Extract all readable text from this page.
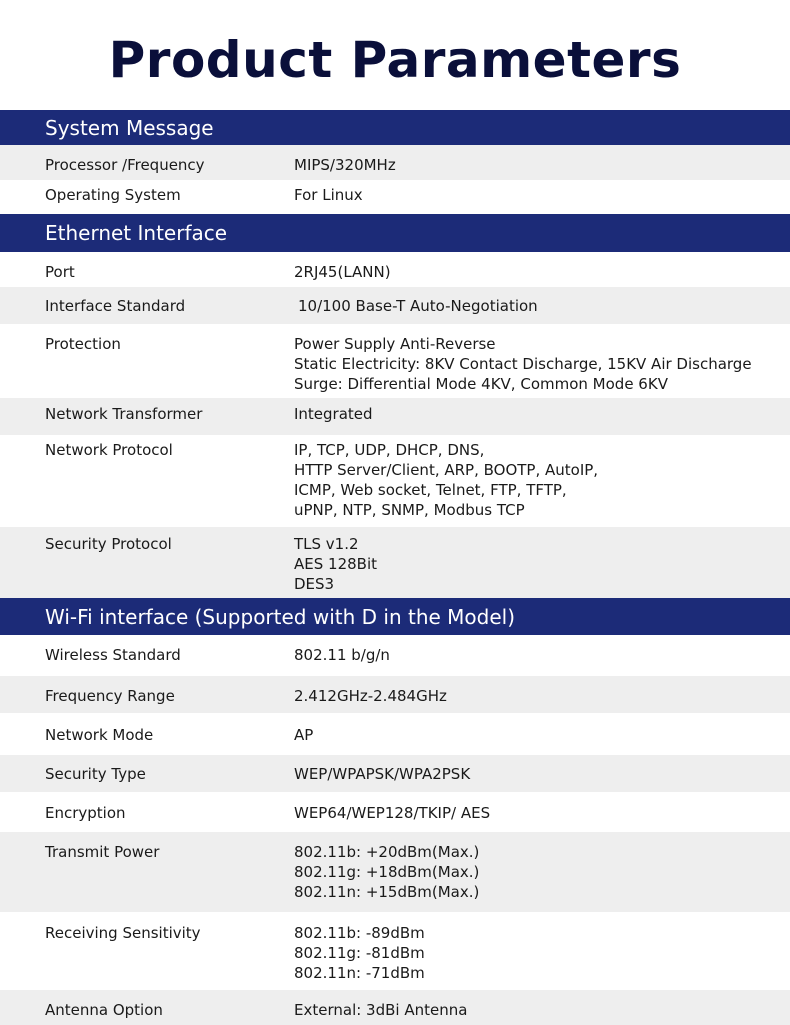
Product Parameters
System Message
Processor /Frequency	MIPS/320MHz
Operating System	For Linux
Ethernet Interface
Port	2RJ45(LANN)
Interface Standard	10/100 Base-T Auto-Negotiation
Protection	Power Supply Anti-Reverse
Static Electricity: 8KV Contact Discharge, 15KV Air Discharge
Surge: Differential Mode 4KV, Common Mode 6KV
Network Transformer	Integrated
Network Protocol	IP, TCP, UDP, DHCP, DNS,
HTTP Server/Client, ARP, BOOTP, AutoIP,
ICMP, Web socket, Telnet, FTP, TFTP,
uPNP, NTP, SNMP, Modbus TCP
Security Protocol	TLS v1.2
AES 128Bit
DES3
Wi-Fi interface (Supported with D in the Model)
Wireless Standard	802.11 b/g/n
Frequency Range	2.412GHz-2.484GHz
Network Mode	AP
Security Type	WEP/WPAPSK/WPA2PSK
Encryption	WEP64/WEP128/TKIP/ AES
Transmit Power	802.11b: +20dBm(Max.)
802.11g: +18dBm(Max.)
802.11n: +15dBm(Max.)
Receiving Sensitivity	802.11b: -89dBm
802.11g: -81dBm
802.11n: -71dBm
Antenna Option	External: 3dBi Antenna
